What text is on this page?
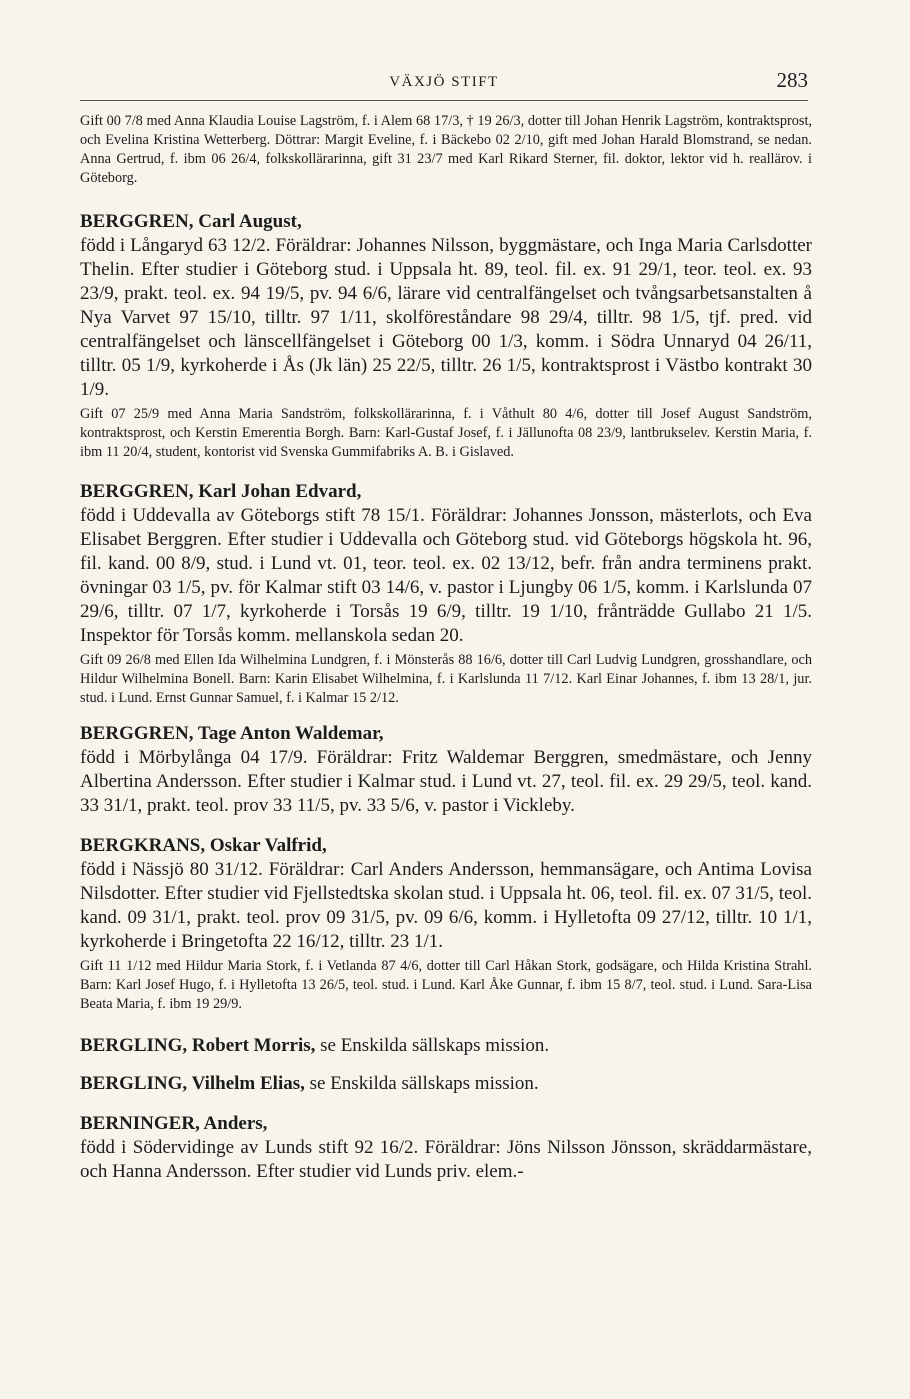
VÄXJÖ STIFT	283

Gift 00 7/8 med Anna Klaudia Louise Lagström, f. i Alem 68 17/3, † 19 26/3, dotter till Johan Henrik Lagström, kontraktsprost, och Evelina Kristina Wetterberg. Döttrar: Margit Eveline, f. i Bäckebo 02 2/10, gift med Johan Harald Blomstrand, se nedan. Anna Gertrud, f. ibm 06 26/4, folkskollärarinna, gift 31 23/7 med Karl Rikard Sterner, fil. doktor, lektor vid h. reallärov. i Göteborg.

BERGGREN, Carl August,
född i Långaryd 63 12/2. Föräldrar: Johannes Nilsson, byggmästare, och Inga Maria Carlsdotter Thelin. Efter studier i Göteborg stud. i Uppsala ht. 89, teol. fil. ex. 91 29/1, teor. teol. ex. 93 23/9, prakt. teol. ex. 94 19/5, pv. 94 6/6, lärare vid centralfängelset och tvångsarbetsanstalten å Nya Varvet 97 15/10, tilltr. 97 1/11, skolföreståndare 98 29/4, tilltr. 98 1/5, tjf. pred. vid centralfängelset och länscellfängelset i Göteborg 00 1/3, komm. i Södra Unnaryd 04 26/11, tilltr. 05 1/9, kyrkoherde i Ås (Jk län) 25 22/5, tilltr. 26 1/5, kontraktsprost i Västbo kontrakt 30 1/9.

Gift 07 25/9 med Anna Maria Sandström, folkskollärarinna, f. i Våthult 80 4/6, dotter till Josef August Sandström, kontraktsprost, och Kerstin Emerentia Borgh. Barn: Karl-Gustaf Josef, f. i Jällunofta 08 23/9, lantbrukselev. Kerstin Maria, f. ibm 11 20/4, student, kontorist vid Svenska Gummifabriks A. B. i Gislaved.

BERGGREN, Karl Johan Edvard,
född i Uddevalla av Göteborgs stift 78 15/1. Föräldrar: Johannes Jonsson, mästerlots, och Eva Elisabet Berggren. Efter studier i Uddevalla och Göteborg stud. vid Göteborgs högskola ht. 96, fil. kand. 00 8/9, stud. i Lund vt. 01, teor. teol. ex. 02 13/12, befr. från andra terminens prakt. övningar 03 1/5, pv. för Kalmar stift 03 14/6, v. pastor i Ljungby 06 1/5, komm. i Karlslunda 07 29/6, tilltr. 07 1/7, kyrkoherde i Torsås 19 6/9, tilltr. 19 1/10, frånträdde Gullabo 21 1/5. Inspektor för Torsås komm. mellanskola sedan 20.

Gift 09 26/8 med Ellen Ida Wilhelmina Lundgren, f. i Mönsterås 88 16/6, dotter till Carl Ludvig Lundgren, grosshandlare, och Hildur Wilhelmina Bonell. Barn: Karin Elisabet Wilhelmina, f. i Karlslunda 11 7/12. Karl Einar Johannes, f. ibm 13 28/1, jur. stud. i Lund. Ernst Gunnar Samuel, f. i Kalmar 15 2/12.

BERGGREN, Tage Anton Waldemar,
född i Mörbylånga 04 17/9. Föräldrar: Fritz Waldemar Berggren, smedmästare, och Jenny Albertina Andersson. Efter studier i Kalmar stud. i Lund vt. 27, teol. fil. ex. 29 29/5, teol. kand. 33 31/1, prakt. teol. prov 33 11/5, pv. 33 5/6, v. pastor i Vickleby.

BERGKRANS, Oskar Valfrid,
född i Nässjö 80 31/12. Föräldrar: Carl Anders Andersson, hemmansägare, och Antima Lovisa Nilsdotter. Efter studier vid Fjellstedtska skolan stud. i Uppsala ht. 06, teol. fil. ex. 07 31/5, teol. kand. 09 31/1, prakt. teol. prov 09 31/5, pv. 09 6/6, komm. i Hylletofta 09 27/12, tilltr. 10 1/1, kyrkoherde i Bringetofta 22 16/12, tilltr. 23 1/1.

Gift 11 1/12 med Hildur Maria Stork, f. i Vetlanda 87 4/6, dotter till Carl Håkan Stork, godsägare, och Hilda Kristina Strahl. Barn: Karl Josef Hugo, f. i Hylletofta 13 26/5, teol. stud. i Lund. Karl Åke Gunnar, f. ibm 15 8/7, teol. stud. i Lund. Sara-Lisa Beata Maria, f. ibm 19 29/9.

BERGLING, Robert Morris, se Enskilda sällskaps mission.

BERGLING, Vilhelm Elias, se Enskilda sällskaps mission.

BERNINGER, Anders,
född i Södervidinge av Lunds stift 92 16/2. Föräldrar: Jöns Nilsson Jönsson, skräddarmästare, och Hanna Andersson. Efter studier vid Lunds priv. elem.-
